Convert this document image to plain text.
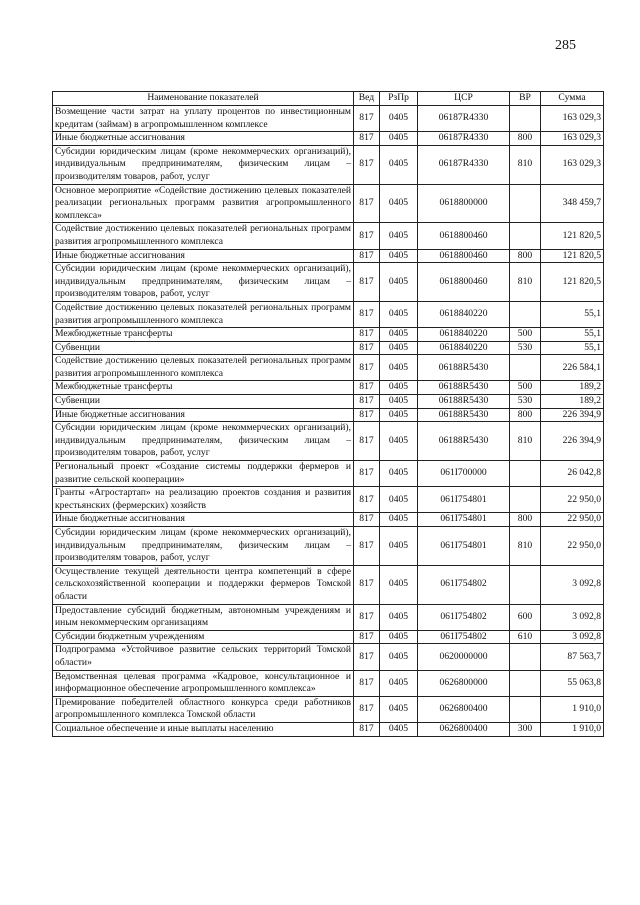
285
Наименование показателей	Вед	РзПр	ЦСР	ВР	Сумма
Возмещение части затрат на уплату процентов по инвестиционным кредитам (займам) в агропромышленном комплексе	817	0405	06187R4330		163 029,3
Иные бюджетные ассигнования	817	0405	06187R4330	800	163 029,3
Субсидии юридическим лицам (кроме некоммерческих организаций), индивидуальным предпринимателям, физическим лицам – производителям товаров, работ, услуг	817	0405	06187R4330	810	163 029,3
Основное мероприятие «Содействие достижению целевых показателей реализации региональных программ развития агропромышленного комплекса»	817	0405	0618800000		348 459,7
Содействие достижению целевых показателей региональных программ развития агропромышленного комплекса	817	0405	0618800460		121 820,5
Иные бюджетные ассигнования	817	0405	0618800460	800	121 820,5
Субсидии юридическим лицам (кроме некоммерческих организаций), индивидуальным предпринимателям, физическим лицам – производителям товаров, работ, услуг	817	0405	0618800460	810	121 820,5
Содействие достижению целевых показателей региональных программ развития агропромышленного комплекса	817	0405	0618840220		55,1
Межбюджетные трансферты	817	0405	0618840220	500	55,1
Субвенции	817	0405	0618840220	530	55,1
Содействие достижению целевых показателей региональных программ развития агропромышленного комплекса	817	0405	06188R5430		226 584,1
Межбюджетные трансферты	817	0405	06188R5430	500	189,2
Субвенции	817	0405	06188R5430	530	189,2
Иные бюджетные ассигнования	817	0405	06188R5430	800	226 394,9
Субсидии юридическим лицам (кроме некоммерческих организаций), индивидуальным предпринимателям, физическим лицам – производителям товаров, работ, услуг	817	0405	06188R5430	810	226 394,9
Региональный проект «Создание системы поддержки фермеров и развитие сельской кооперации»	817	0405	061I700000		26 042,8
Гранты «Агростартап» на реализацию проектов создания и развития крестьянских (фермерских) хозяйств	817	0405	061I754801		22 950,0
Иные бюджетные ассигнования	817	0405	061I754801	800	22 950,0
Субсидии юридическим лицам (кроме некоммерческих организаций), индивидуальным предпринимателям, физическим лицам – производителям товаров, работ, услуг	817	0405	061I754801	810	22 950,0
Осуществление текущей деятельности центра компетенций в сфере сельскохозяйственной кооперации и поддержки фермеров Томской области	817	0405	061I754802		3 092,8
Предоставление субсидий бюджетным, автономным учреждениям и иным некоммерческим организациям	817	0405	061I754802	600	3 092,8
Субсидии бюджетным учреждениям	817	0405	061I754802	610	3 092,8
Подпрограмма «Устойчивое развитие сельских территорий Томской области»	817	0405	0620000000		87 563,7
Ведомственная целевая программа «Кадровое, консультационное и информационное обеспечение агропромышленного комплекса»	817	0405	0626800000		55 063,8
Премирование победителей областного конкурса среди работников агропромышленного комплекса Томской области	817	0405	0626800400		1 910,0
Социальное обеспечение и иные выплаты населению	817	0405	0626800400	300	1 910,0
